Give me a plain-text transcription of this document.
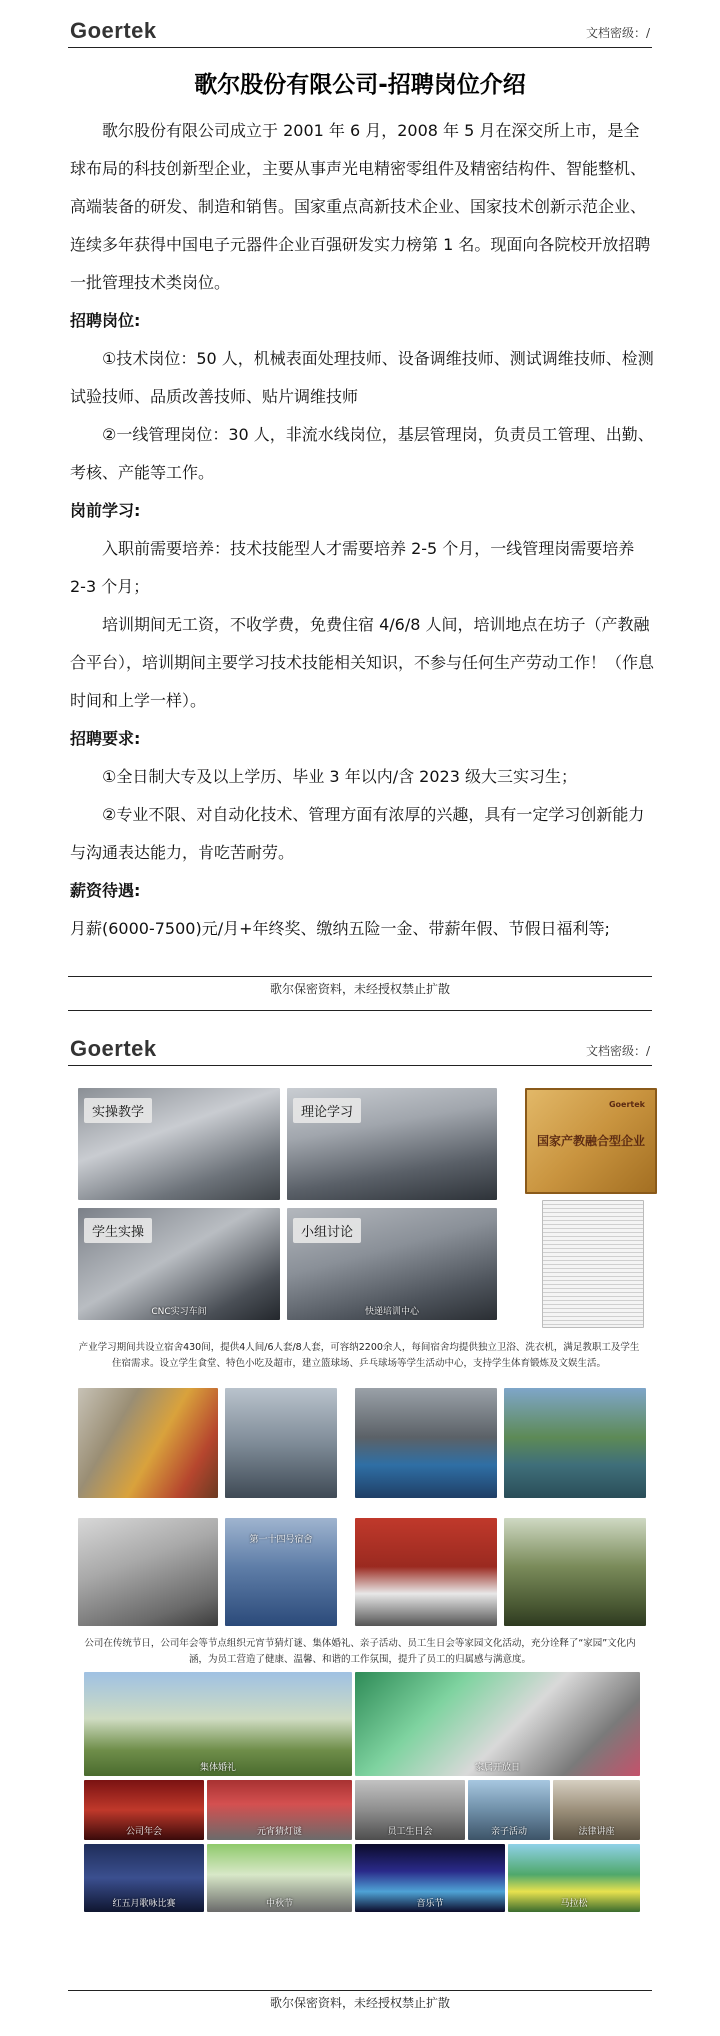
Goertek	文档密级：/
歌尔股份有限公司-招聘岗位介绍

歌尔股份有限公司成立于 2001 年 6 月，2008 年 5 月在深交所上市，是全球布局的科技创新型企业，主要从事声光电精密零组件及精密结构件、智能整机、高端装备的研发、制造和销售。国家重点高新技术企业、国家技术创新示范企业、连续多年获得中国电子元器件企业百强研发实力榜第 1 名。现面向各院校开放招聘一批管理技术类岗位。

招聘岗位:

①技术岗位：50 人，机械表面处理技师、设备调维技师、测试调维技师、检测试验技师、品质改善技师、贴片调维技师

②一线管理岗位：30 人，非流水线岗位，基层管理岗，负责员工管理、出勤、考核、产能等工作。

岗前学习:

入职前需要培养：技术技能型人才需要培养 2-5 个月，一线管理岗需要培养 2-3 个月；

培训期间无工资，不收学费，免费住宿 4/6/8 人间，培训地点在坊子（产教融合平台），培训期间主要学习技术技能相关知识，不参与任何生产劳动工作！（作息时间和上学一样）。

招聘要求:

①全日制大专及以上学历、毕业 3 年以内/含 2023 级大三实习生；

②专业不限、对自动化技术、管理方面有浓厚的兴趣，具有一定学习创新能力与沟通表达能力，肯吃苦耐劳。

薪资待遇:

月薪(6000-7500)元/月+年终奖、缴纳五险一金、带薪年假、节假日福利等;

歌尔保密资料，未经授权禁止扩散
Goertek	文档密级：/
实操教学	理论学习
学生实操
CNC实习车间
小组讨论
快递培训中心
Goertek
国家产教融合型企业
产业学习期间共设立宿舍430间，提供4人间/6人套/8人套，可容纳2200余人，每间宿舍均提供独立卫浴、洗衣机，满足教职工及学生住宿需求。设立学生食堂、特色小吃及超市，建立篮球场、乒乓球场等学生活动中心，支持学生体育锻炼及文娱生活。
第一十四号宿舍
公司在传统节日，公司年会等节点组织元宵节猜灯谜、集体婚礼、亲子活动、员工生日会等家园文化活动，充分诠释了“家园”文化内涵，为员工营造了健康、温馨、和谐的工作氛围，提升了员工的归属感与满意度。
集体婚礼	家属开放日
公司年会	元宵猜灯谜	员工生日会	亲子活动	法律讲座
红五月歌咏比赛	中秋节	音乐节	马拉松
歌尔保密资料，未经授权禁止扩散
